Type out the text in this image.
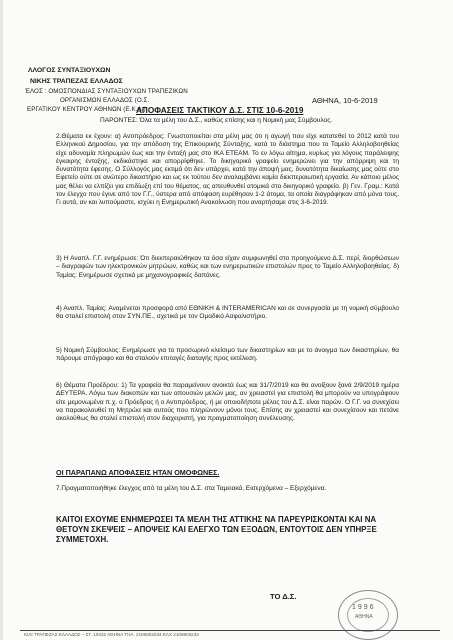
ΛΛΟΓΟΣ ΣΥΝΤΑΞΙΟΥΧΩΝ
ΝΙΚΗΣ ΤΡΑΠΕΖΑΣ ΕΛΛΑΔΟΣ
ΈΛΟΣ : ΟΜΟΣΠΟΝΔΙΑΣ ΣΥΝΤΑΞΙΟΥΧΩΝ ΤΡΑΠΕΖΙΚΩΝ
ΟΡΓΑΝΙΣΜΩΝ ΕΛΛΑΔΟΣ (Ο.Σ.
ΕΡΓΑΤΙΚΟΥ ΚΕΝΤΡΟΥ ΑΘΗΝΩΝ (Ε.Κ.Α.)
ΑΘΗΝΑ, 10-6-2019
ΑΠΟΦΑΣΕΙΣ ΤΑΚΤΙΚΟΥ Δ.Σ. ΣΤΙΣ 10-6-2019
ΠΑΡΟΝΤΕΣ: Όλα τα μέλη του Δ.Σ., καθώς επίσης και η Νομική μας Σύμβουλος.

2.Θέματα εκ έχουν: α) Αντιπρόεδρος: Γνωστοποιείται στα μέλη μας ότι η αγωγή που είχε κατατεθεί το 2012 κατά του Ελληνικού Δημοσίου, για την απόδοση της Επικουρικής Σύνταξης, κατά το διάστημα που το Ταμείο Αλληλοβοηθείας είχε αδυναμία πληρωμών έως και την ένταξή μας στο ΙΚΑ ΕΤΕΑΜ. Το εν λόγω αίτημα, κυρίως για λόγους παράλειψης έγκαιρης ένταξης, εκδικάστηκε και απορρίφθηκε. Το δικηγορικό γραφείο ενημερώνει για την απόρριψη και τη δυνατότητα έφεσης. Ο Σύλλογός μας εκτιμά ότι δεν υπάρχει, κατά την άποψή μας, δυνατότητα δικαίωσης μας ούτε στο Εφετείο ούτε σε ανώτερο δικαστήριο και ως εκ τούτου δεν αναλαμβάνει καμία διεκπεραιωτική εργασία. Αν κάποιο μέλος μας θέλει να ελπίζει για επιδίωξη επί του θέματος, ας απευθυνθεί ατομικά στο δικηγορικό γραφείο. β) Γεν. Γραμ.: Κατά τον έλεγχο που έγινε από τον Γ.Γ., ύστερα από απόφαση ευρέθησαν 1-2 άτομα, τα οποία διαγράφηκαν από μόνα τους. Γι αυτά, αν και λυπούμαστε, ισχύει η Ενημερωτική Ανακοίνωση που αναρτήσαμε στις 3-6-2019.

3) Η Αναπλ. Γ.Γ. ενημέρωσε: Ότι διεκπεραιώθηκαν τα όσα είχαν συμφωνηθεί στο προηγούμενο Δ.Σ. περί, διορθώσεων – διαγραφών των ηλεκτρονικών μητρώων, καθώς και των ενημερωτικών επιστολών προς το Ταμείο Αλληλοβοηθείας. δ) Ταμίας: Ενημέρωσε σχετικά με μηχανογραφικές δαπάνες.

4) Αναπλ. Ταμίας: Αναμένεται προσφορά από ΕΘΝΙΚΗ & INTERAMERICAN και σε συνεργασία με τη νομική σύμβουλο θα σταλεί επιστολή στον ΣΥΝ.ΠΕ., σχετικά με τον Ομαδικό Ασφαλιστήριο.

5) Νομική Σύμβουλος: Ενημέρωσε για το προσωρινό κλείσιμο των δικαστηρίων και με το άνοιγμα των δικαστηρίων, θα πάρουμε απόγραφο και θα σταλούν επιταγές διαταγής προς εκτέλεση.

6) Θέματα Προέδρου: 1) Τα γραφεία θα παραμείνουν ανοικτά έως και 31/7/2019 και θα ανοίξουν ξανά 2/9/2019 ημέρα ΔΕΥΤΕΡΑ. Λόγω των διακοπών και των απουσιών μελών μας, αν χρειαστεί για επιστολή θα μπορούν να υπογράφουν είτε μεμονωμένα π.χ. ο Πρόεδρος ή ο Αντιπρόεδρος, ή με οποιοδήποτε μέλος του Δ.Σ. είναι παρών. Ο Γ.Γ. να συνεχίσει να παρακολουθεί τη Μητρώα και αυτούς που πληρώνουν μόνοι τους. Επίσης αν χρειαστεί και συνεχίσουν και πετάνε ακολούθως θα σταλεί επιστολή στον διαχειριστή, για πραγματοποίηση συνέλευσης.

ΟΙ ΠΑΡΑΠΑΝΩ ΑΠΟΦΑΣΕΙΣ ΗΤΑΝ ΟΜΟΦΩΝΕΣ.

7.Πραγματοποιήθηκε έλεγχος από τα μέλη του Δ.Σ. στα Ταμειακά, Εισερχόμενα – Εξερχόμενα.

ΚΑΙΤΟΙ ΕΧΟΥΜΕ ΕΝΗΜΕΡΩΣΕΙ ΤΑ ΜΕΛΗ ΤΗΣ ΑΤΤΙΚΗΣ ΝΑ ΠΑΡΕΥΡΙΣΚΟΝΤΑΙ ΚΑΙ ΝΑ ΘΕΤΟΥΝ ΣΚΕΨΕΙΣ – ΑΠΟΨΕΙΣ ΚΑΙ ΕΛΕΓΧΟ ΤΩΝ ΕΞΟΔΩΝ, ΕΝΤΟΥΤΟΙΣ ΔΕΝ ΥΠΗΡΞΕ ΣΥΜΜΕΤΟΧΗ.
ΤΟ Δ.Σ.
1996
ΑΘΗΝΑ
ΚΙΛΙ ΤΡΑΠΕΖΑΣ ΕΛΛΑΔΟΣ – ΣΤ. 10432 ΑΘΗΝΑ ΤΗΛ. 2106803234 ΕΑΧ 2106803234
